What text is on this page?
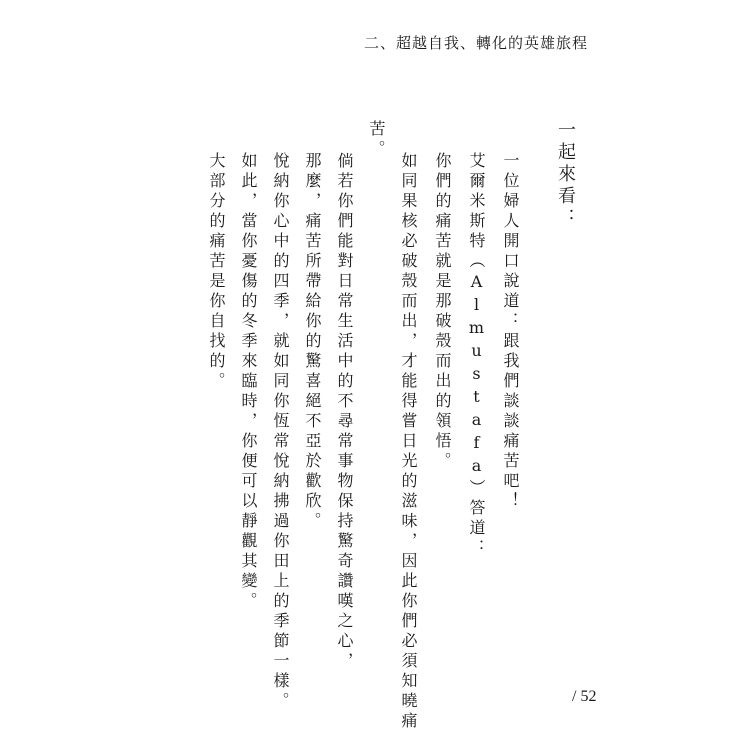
二、超越自我、轉化的英雄旅程
一起來看：
一位婦人開口說道：跟我們談談痛苦吧！
艾爾米斯特（Almustafa）答道：
你們的痛苦就是那破殼而出的領悟。
如同果核必破殼而出，才能得嘗日光的滋味，因此你們必須知曉痛
苦。
倘若你們能對日常生活中的不尋常事物保持驚奇讚嘆之心，
那麼，痛苦所帶給你的驚喜絕不亞於歡欣。
悅納你心中的四季，就如同你恆常悅納拂過你田上的季節一樣。
如此，當你憂傷的冬季來臨時，你便可以靜觀其變。
大部分的痛苦是你自找的。
/ 52
